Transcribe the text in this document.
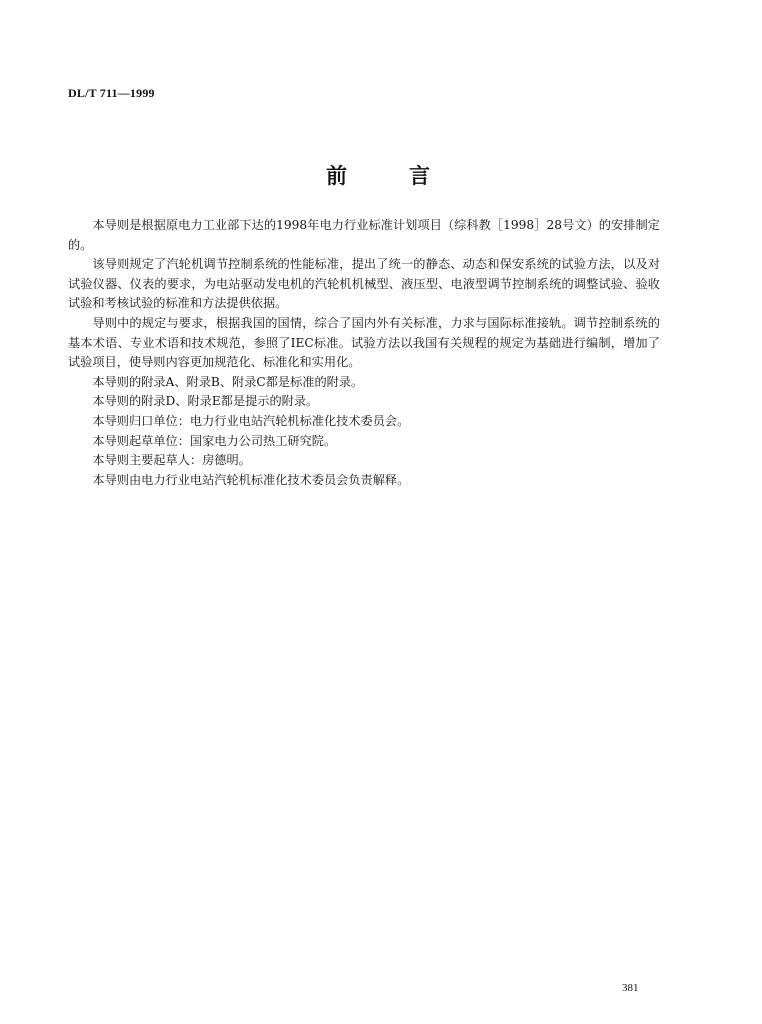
DL/T 711—1999
前言

本导则是根据原电力工业部下达的1998年电力行业标准计划项目（综科教［1998］28号文）的安排制定的。

该导则规定了汽轮机调节控制系统的性能标准，提出了统一的静态、动态和保安系统的试验方法，以及对试验仪器、仪表的要求，为电站驱动发电机的汽轮机机械型、液压型、电液型调节控制系统的调整试验、验收试验和考核试验的标准和方法提供依据。

导则中的规定与要求，根据我国的国情，综合了国内外有关标准，力求与国际标准接轨。调节控制系统的基本术语、专业术语和技术规范，参照了IEC标准。试验方法以我国有关规程的规定为基础进行编制，增加了试验项目，使导则内容更加规范化、标准化和实用化。

本导则的附录A、附录B、附录C都是标准的附录。

本导则的附录D、附录E都是提示的附录。

本导则归口单位：电力行业电站汽轮机标准化技术委员会。

本导则起草单位：国家电力公司热工研究院。

本导则主要起草人：房德明。

本导则由电力行业电站汽轮机标准化技术委员会负责解释。

381
